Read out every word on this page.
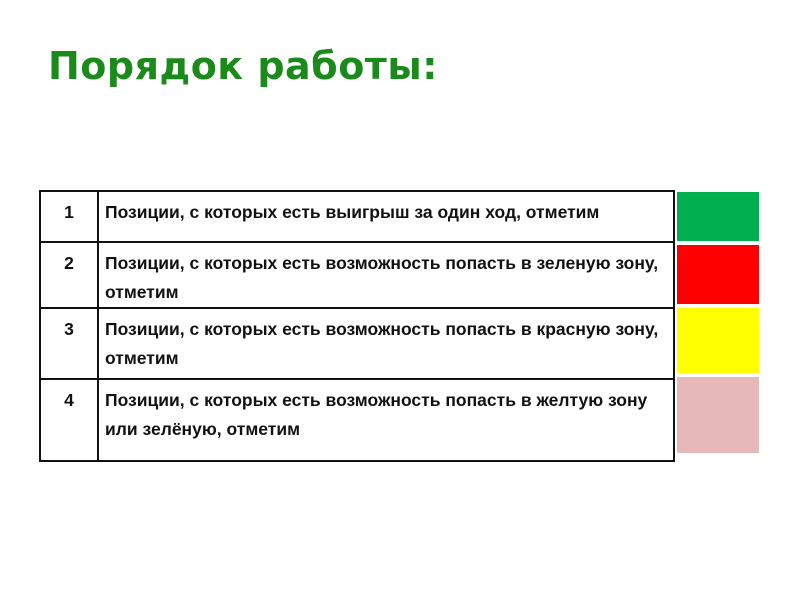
Порядок работы:
1	Позиции, с которых есть выигрыш за один ход, отметим
2	Позиции, с которых есть возможность попасть в зеленую зону, отметим
3	Позиции, с которых есть возможность попасть в красную зону, отметим
4	Позиции, с которых есть возможность попасть в желтую зону или зелёную, отметим
